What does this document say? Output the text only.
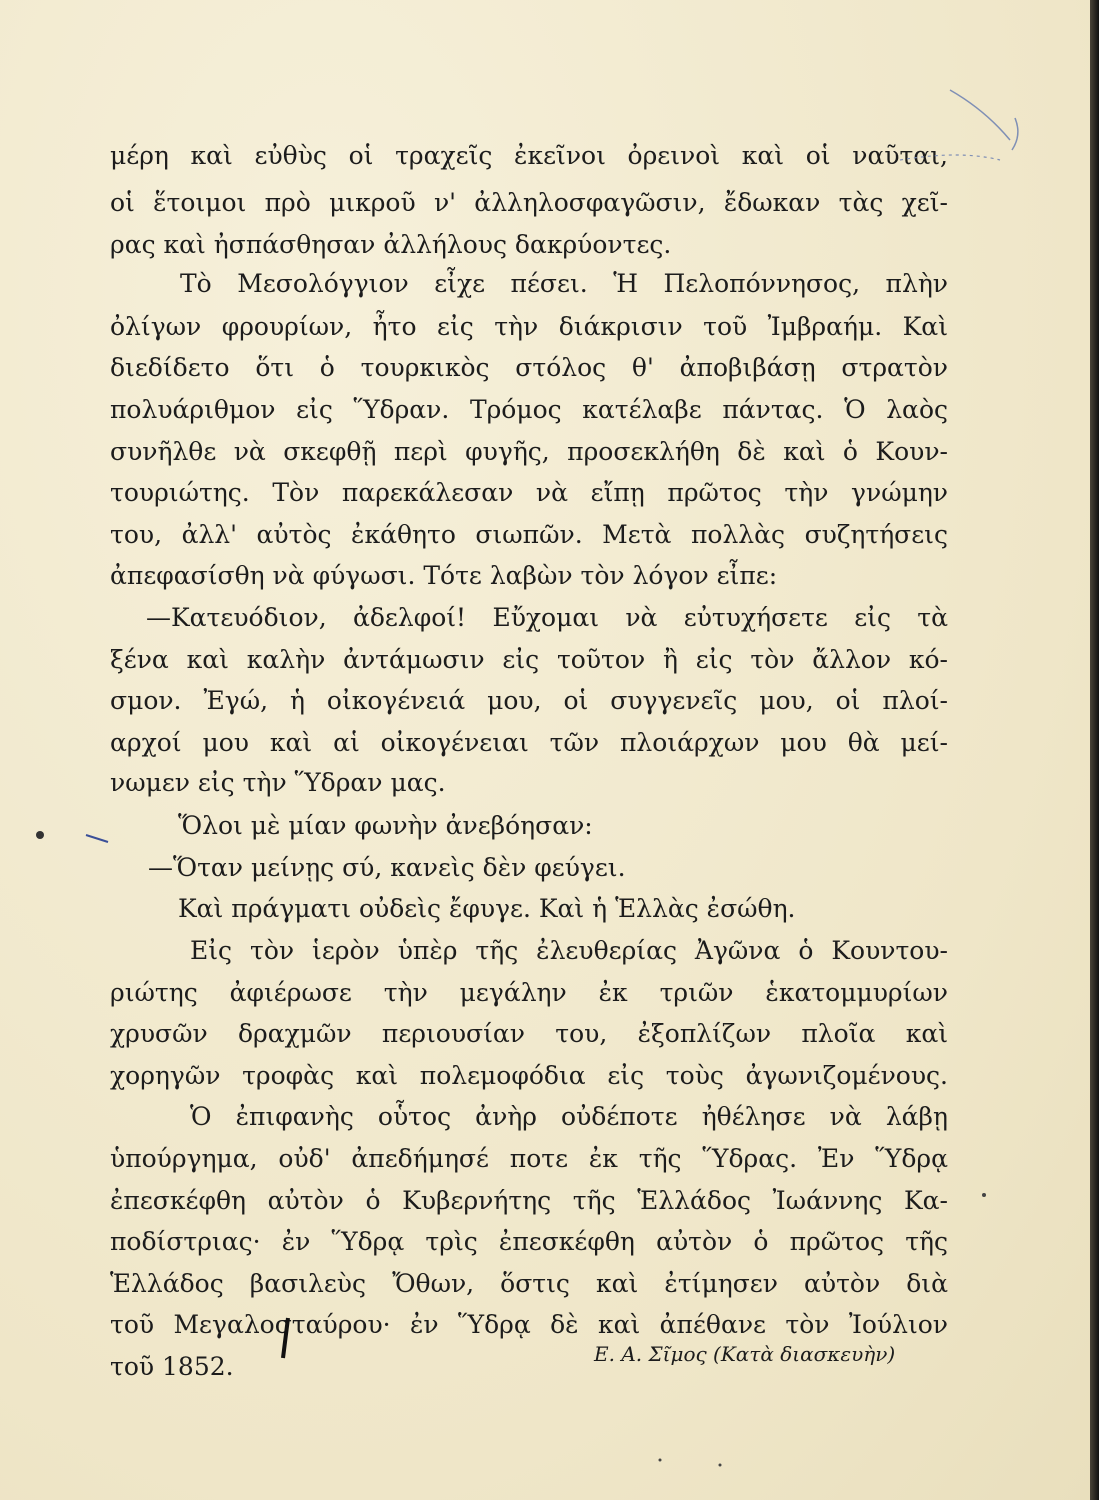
μέρη καὶ εὐθὺς οἱ τραχεῖς ἐκεῖνοι ὀρεινοὶ καὶ οἱ ναῦται,
οἱ ἕτοιμοι πρὸ μικροῦ ν' ἀλληλοσφαγῶσιν, ἔδωκαν τὰς χεῖ-
ρας καὶ ἠσπάσθησαν ἀλλήλους δακρύοντες.
Τὸ Μεσολόγγιον εἶχε πέσει. Ἡ Πελοπόννησος, πλὴν
ὀλίγων φρουρίων, ἦτο εἰς τὴν διάκρισιν τοῦ Ἰμβραήμ. Καὶ
διεδίδετο ὅτι ὁ τουρκικὸς στόλος θ' ἀποβιβάσῃ στρατὸν
πολυάριθμον εἰς Ὕδραν. Τρόμος κατέλαβε πάντας. Ὁ λαὸς
συνῆλθε νὰ σκεφθῇ περὶ φυγῆς, προσεκλήθη δὲ καὶ ὁ Κουν-
τουριώτης. Τὸν παρεκάλεσαν νὰ εἴπῃ πρῶτος τὴν γνώμην
του, ἀλλ' αὐτὸς ἐκάθητο σιωπῶν. Μετὰ πολλὰς συζητήσεις
ἀπεφασίσθη νὰ φύγωσι. Τότε λαβὼν τὸν λόγον εἶπε:
—Κατευόδιον, ἀδελφοί! Εὔχομαι νὰ εὐτυχήσετε εἰς τὰ
ξένα καὶ καλὴν ἀντάμωσιν εἰς τοῦτον ἢ εἰς τὸν ἄλλον κό-
σμον. Ἐγώ, ἡ οἰκογένειά μου, οἱ συγγενεῖς μου, οἱ πλοί-
αρχοί μου καὶ αἱ οἰκογένειαι τῶν πλοιάρχων μου θὰ μεί-
νωμεν εἰς τὴν Ὕδραν μας.
Ὅλοι μὲ μίαν φωνὴν ἀνεβόησαν:
—Ὅταν μείνῃς σύ, κανεὶς δὲν φεύγει.
Καὶ πράγματι οὐδεὶς ἔφυγε. Καὶ ἡ Ἑλλὰς ἐσώθη.
Εἰς τὸν ἱερὸν ὑπὲρ τῆς ἐλευθερίας Ἀγῶνα ὁ Κουντου-
ριώτης ἀφιέρωσε τὴν μεγάλην ἐκ τριῶν ἑκατομμυρίων
χρυσῶν δραχμῶν περιουσίαν του, ἐξοπλίζων πλοῖα καὶ
χορηγῶν τροφὰς καὶ πολεμοφόδια εἰς τοὺς ἀγωνιζομένους.
Ὁ ἐπιφανὴς οὗτος ἀνὴρ οὐδέποτε ἠθέλησε νὰ λάβῃ
ὑπούργημα, οὐδ' ἀπεδήμησέ ποτε ἐκ τῆς Ὕδρας. Ἐν Ὕδρᾳ
ἐπεσκέφθη αὐτὸν ὁ Κυβερνήτης τῆς Ἑλλάδος Ἰωάννης Κα-
ποδίστριας· ἐν Ὕδρᾳ τρὶς ἐπεσκέφθη αὐτὸν ὁ πρῶτος τῆς
Ἑλλάδος βασιλεὺς Ὄθων, ὅστις καὶ ἐτίμησεν αὐτὸν διὰ
τοῦ Μεγαλοσταύρου· ἐν Ὕδρᾳ δὲ καὶ ἀπέθανε τὸν Ἰούλιον
τοῦ 1852.	Ε. Α. Σῖμος (Κατὰ διασκευὴν)
